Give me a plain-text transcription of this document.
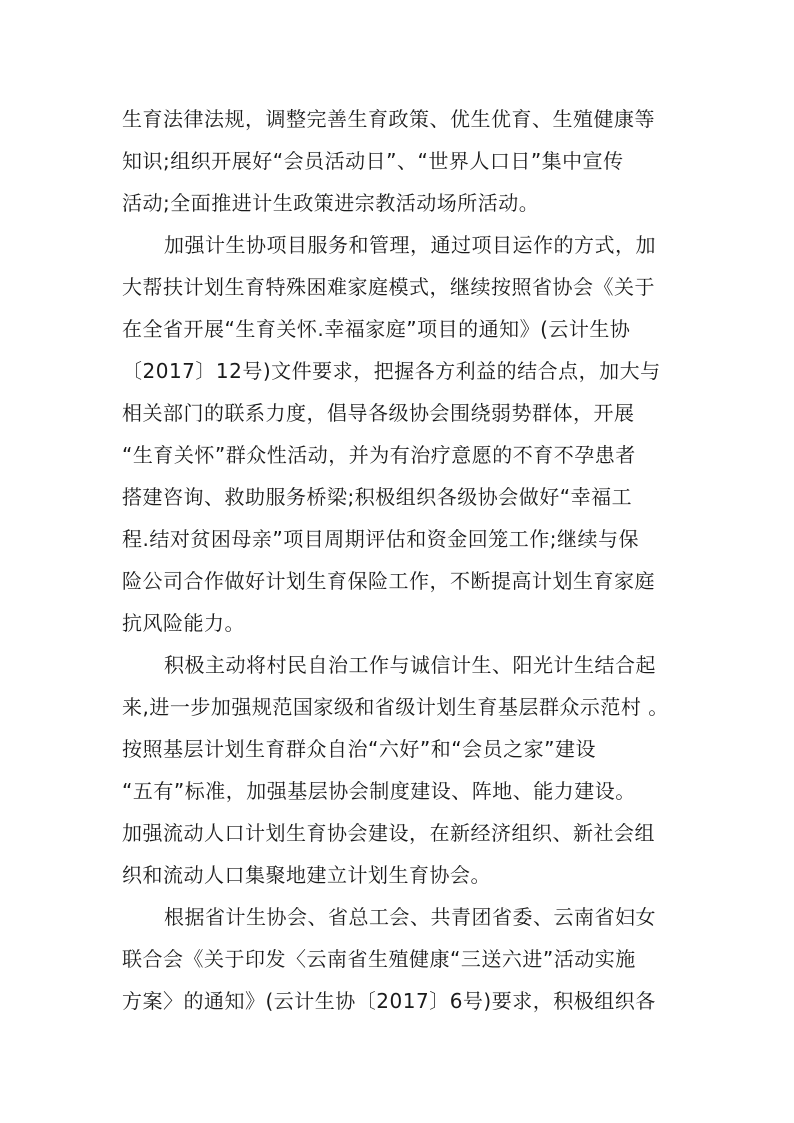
生育法律法规，调整完善生育政策、优生优育、生殖健康等
知识;组织开展好“会员活动日”、“世界人口日”集中宣传
活动;全面推进计生政策进宗教活动场所活动。
加强计生协项目服务和管理，通过项目运作的方式，加
大帮扶计划生育特殊困难家庭模式，继续按照省协会《关于
在全省开展“生育关怀.幸福家庭”项目的通知》(云计生协
〔2017〕12号)文件要求，把握各方利益的结合点，加大与
相关部门的联系力度，倡导各级协会围绕弱势群体，开展
“生育关怀”群众性活动，并为有治疗意愿的不育不孕患者
搭建咨询、救助服务桥梁;积极组织各级协会做好“幸福工
程.结对贫困母亲”项目周期评估和资金回笼工作;继续与保
险公司合作做好计划生育保险工作，不断提高计划生育家庭
抗风险能力。
积极主动将村民自治工作与诚信计生、阳光计生结合起
来,进一步加强规范国家级和省级计划生育基层群众示范村 。
按照基层计划生育群众自治“六好”和“会员之家”建设
“五有”标准，加强基层协会制度建设、阵地、能力建设。
加强流动人口计划生育协会建设，在新经济组织、新社会组
织和流动人口集聚地建立计划生育协会。
根据省计生协会、省总工会、共青团省委、云南省妇女
联合会《关于印发〈云南省生殖健康“三送六进”活动实施
方案〉的通知》(云计生协〔2017〕6号)要求，积极组织各
